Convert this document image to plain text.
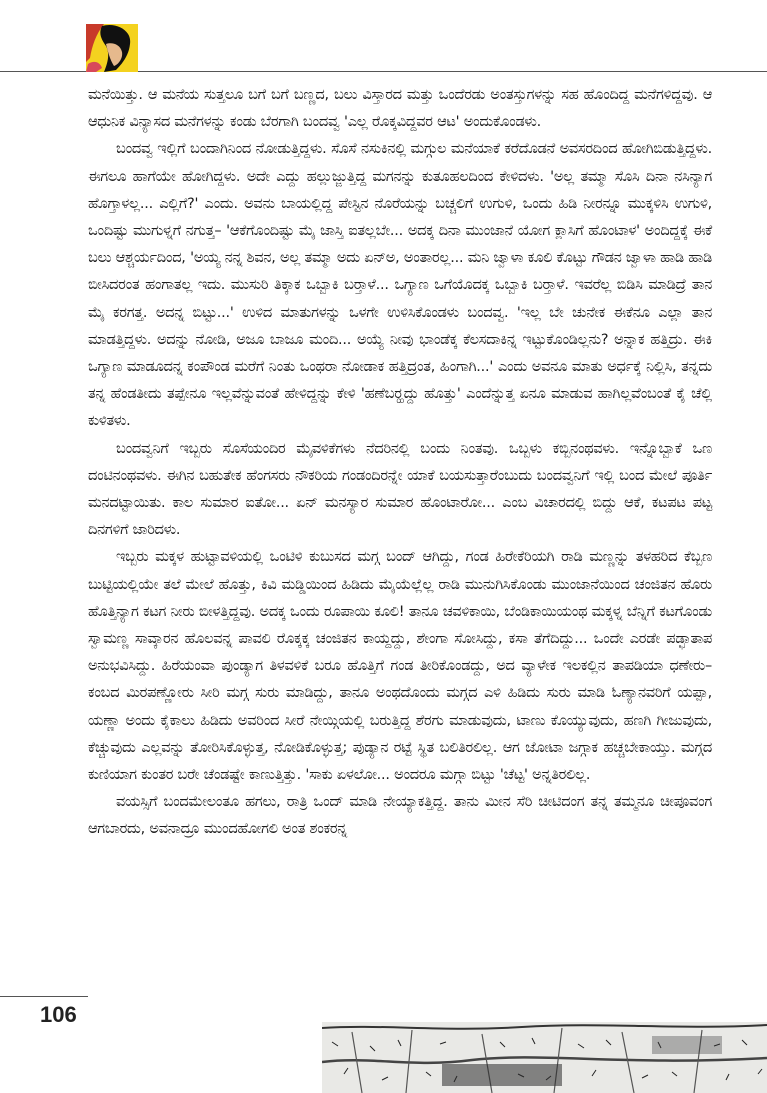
ಮನೆಯಿತ್ತು. ಆ ಮನೆಯ ಸುತ್ತಲೂ ಬಗೆ ಬಗೆ ಬಣ್ಣದ, ಬಲು ವಿಸ್ತಾರದ ಮತ್ತು ಒಂದೆರಡು ಅಂತಸ್ತುಗಳನ್ನು ಸಹ ಹೊಂದಿದ್ದ ಮನೆಗಳಿದ್ದವು. ಆ ಆಧುನಿಕ ವಿನ್ಯಾಸದ ಮನೆಗಳನ್ನು ಕಂಡು ಬೆರಗಾಗಿ ಬಂದವ್ವ 'ಎಲ್ಲ ರೊಕ್ಕವಿದ್ದವರ ಆಟ' ಅಂದುಕೊಂಡಳು.

ಬಂದವ್ವ ಇಲ್ಲಿಗೆ ಬಂದಾಗಿನಿಂದ ನೋಡುತ್ತಿದ್ದಳು. ಸೊಸೆ ನಸುಕಿನಲ್ಲಿ ಮಗ್ಗುಲ ಮನೆಯಾಕೆ ಕರೆದೊಡನೆ ಅವಸರದಿಂದ ಹೋಗಿಬಿಡುತ್ತಿದ್ದಳು. ಈಗಲೂ ಹಾಗೆಯೇ ಹೋಗಿದ್ದಳು. ಅದೇ ಎದ್ದು ಹಲ್ಲುಜ್ಜುತ್ತಿದ್ದ ಮಗನನ್ನು ಕುತೂಹಲದಿಂದ ಕೇಳಿದಳು. 'ಅಲ್ಲ ತಮ್ಮಾ ಸೊಸಿ ದಿನಾ ನಸಿನ್ಯಾಗ ಹೊಗ್ತಾಳಲ್ಲ... ಎಲ್ಲಿಗೆ?' ಎಂದು. ಅವನು ಬಾಯಲ್ಲಿದ್ದ ಪೇಸ್ಟಿನ ನೊರೆಯನ್ನು ಬಚ್ಚಲಿಗೆ ಉಗುಳಿ, ಒಂದು ಹಿಡಿ ನೀರನ್ನೂ ಮುಕ್ಕಳಿಸಿ ಉಗುಳಿ, ಒಂದಿಷ್ಟು ಮುಗುಳ್ನಗೆ ನಗುತ್ತ– 'ಆಕೆಗೊಂದಿಷ್ಟು ಮೈ ಜಾಸ್ತಿ ಐತಲ್ಲಬೇ... ಅದಕ್ಕ ದಿನಾ ಮುಂಜಾನೆ ಯೋಗ ಕ್ಲಾಸಿಗೆ ಹೊಂಟಾಳ' ಅಂದಿದ್ದಕ್ಕೆ ಈಕೆ ಬಲು ಆಶ್ಚರ್ಯದಿಂದ, 'ಅಯ್ಯ ನನ್ನ ಶಿವನ, ಅಲ್ಲ ತಮ್ಮಾ ಅದು ಏನ್ಅ, ಅಂತಾರಲ್ಲ... ಮನಿ ಜ್ವಾಳಾ ಕೂಲಿ ಕೊಟ್ಟು ಗೌಡನ ಜ್ವಾಳಾ ಹಾಡಿ ಹಾಡಿ ಬೀಸಿದರಂತ ಹಂಗಾತಲ್ಲ ಇದು. ಮುಸುರಿ ತಿಕ್ಕಾಕ ಒಬ್ಬಾಕಿ ಬರ್‍ತಾಳೆ... ಒಗ್ಯಾಣ ಒಗೆಯೊದಕ್ಕ ಒಬ್ಬಾಕಿ ಬರ್‍ತಾಳೆ. ಇವರೆಲ್ಲ ಬಿಡಿಸಿ ಮಾಡಿದ್ರೆ ತಾನ ಮೈ ಕರಗತ್ತ. ಅದನ್ನ ಬಿಟ್ಟು...' ಉಳಿದ ಮಾತುಗಳನ್ನು ಒಳಗೇ ಉಳಿಸಿಕೊಂಡಳು ಬಂದವ್ವ. 'ಇಲ್ಲ ಬೇ ಚುನೇಕ ಈಕೆನೂ ಎಲ್ಲಾ ತಾನ ಮಾಡತ್ತಿದ್ದಳು. ಅದನ್ನು ನೋಡಿ, ಅಜೂ ಬಾಜೂ ಮಂದಿ... ಅಯ್ಯೆ ನೀವು ಭಾಂಡೆಕ್ಕ ಕೆಲಸದಾಕಿನ್ನ ಇಟ್ಟುಕೊಂಡಿಲ್ಲನು? ಅನ್ನಾಕ ಹತ್ತಿದ್ರು. ಈಕಿ ಒಗ್ಯಾಣ ಮಾಡೂದನ್ನ ಕಂಪೌಂಡ ಮರೆಗೆ ನಿಂತು ಒಂಥರಾ ನೋಡಾಕ ಹತ್ತಿದ್ರಂತ, ಹಿಂಗಾಗಿ...' ಎಂದು ಅವನೂ ಮಾತು ಅರ್ಧಕ್ಕೆ ನಿಲ್ಲಿಸಿ, ತನ್ನದು ತನ್ನ ಹೆಂಡತೀದು ತಪ್ಪೇನೂ ಇಲ್ಲವೆನ್ನುವಂತೆ ಹೇಳಿದ್ದನ್ನು ಕೇಳಿ 'ಹಣೆಬರ್‍ಹದ್ದು ಹೊತ್ತು' ಎಂದೆನ್ನುತ್ತ ಏನೂ ಮಾಡುವ ಹಾಗಿಲ್ಲವೆಂಬಂತೆ ಕೈ ಚೆಲ್ಲಿ ಕುಳಿತಳು.

ಬಂದವ್ವನಿಗೆ ಇಬ್ಬರು ಸೊಸೆಯಂದಿರ ಮೈವಳಿಕೆಗಳು ನೆದರಿನಲ್ಲಿ ಬಂದು ನಿಂತವು. ಒಬ್ಬಳು ಕಬ್ಬಿನಂಥವಳು. ಇನ್ನೊಬ್ಬಾಕೆ ಒಣ ದಂಟಿನಂಥವಳು. ಈಗಿನ ಬಹುತೇಕ ಹೆಂಗಸರು ನೌಕರಿಯ ಗಂಡಂದಿರನ್ನೇ ಯಾಕೆ ಬಯಸುತ್ತಾರೆಂಬುದು ಬಂದವ್ವನಿಗೆ ಇಲ್ಲಿ ಬಂದ ಮೇಲೆ ಪೂರ್ತಿ ಮನದಟ್ಟಾಯಿತು. ಕಾಲ ಸುಮಾರ ಐತೋ... ಏನ್ ಮನಸ್ಯಾರ ಸುಮಾರ ಹೊಂಟಾರೋ... ಎಂಬ ವಿಚಾರದಲ್ಲಿ ಬಿದ್ದು ಆಕೆ, ಕಟಪಟ ಪಟ್ಟ ದಿನಗಳಿಗೆ ಜಾರಿದಳು.

ಇಬ್ಬರು ಮಕ್ಕಳ ಹುಟ್ಟಾವಳಿಯಲ್ಲಿ ಒಂಟಿಳಿ ಕುಬುಸದ ಮಗ್ಗ ಬಂದ್ ಆಗಿದ್ದು, ಗಂಡ ಹಿರೇಕೆರಿಯಗಿ ರಾಡಿ ಮಣ್ಣನ್ನು ತಳಹರಿದ ಕೆಬ್ಬಣ ಬುಟ್ಟಿಯಲ್ಲಿಯೇ ತಲೆ ಮೇಲೆ ಹೊತ್ತು, ಕಿವಿ ಮಡ್ಡಿಯಿಂದ ಹಿಡಿದು ಮೈಯೆಲ್ಲೆಲ್ಲ ರಾಡಿ ಮುನುಗಿಸಿಕೊಂಡು ಮುಂಜಾನೆಯಿಂದ ಚಂಜಿತನ ಹೊರು ಹೊತ್ತಿನ್ಯಾಗ ಕಟಗ ನೀರು ಬೀಳತ್ತಿದ್ದವು. ಅದಕ್ಕ ಒಂದು ರೂಪಾಯಿ ಕೂಲಿ! ತಾನೂ ಚವಳಿಕಾಯಿ, ಬೆಂಡಿಕಾಯಿಯಂಥ ಮಕ್ಕಳ್ನ ಬೆನ್ನಿಗೆ ಕಟಗೊಂಡು ಸ್ವಾಮಣ್ಣ ಸಾವ್ಕಾರನ ಹೊಲವನ್ನ ಪಾವಲಿ ರೊಕ್ಕಕ್ಕ ಚಂಜಿತನ ಕಾಯ್ದದ್ದು, ಶೇಂಗಾ ಸೋಸಿದ್ದು, ಕಸಾ ತೆಗೆದಿದ್ದು... ಒಂದೇ ಎರಡೇ ಪಡ್ಛಾತಾಪ ಅನುಭವಿಸಿದ್ದು. ಹಿರೆಯಂವಾ ಪುಂಡ್ಯಾಗ ತಿಳವಳಿಕೆ ಬರೂ ಹೊತ್ತಿಗೆ ಗಂಡ ತೀರಿಕೊಂಡದ್ದು, ಅದ ವ್ಯಾಳೇಕ ಇಲಕಲ್ಲಿನ ತಾಪಡಿಯಾ ಧಣೇರು– ಕಂಬದ ಮಿರಪಣ್ಣೋರು ಸೀರಿ ಮಗ್ಗ ಸುರು ಮಾಡಿದ್ದು, ತಾನೂ ಅಂಥದೊಂದು ಮಗ್ಗದ ಎಳಿ ಹಿಡಿದು ಸುರು ಮಾಡಿ ಓಣ್ಯಾನವರಿಗೆ ಯಪ್ಪಾ, ಯಣ್ಣಾ ಅಂದು ಕೈಕಾಲು ಹಿಡಿದು ಅವರಿಂದ ಸೀರೆ ನೇಯ್ಗಿಯಲ್ಲಿ ಬರುತ್ತಿದ್ದ ಶೆರಗು ಮಾಡುವುದು, ಟಾಣು ಕೊಯ್ಯುವುದು, ಹಣಗಿ ಗೀಜುವುದು, ಕೆಚ್ಚುವುದು ಎಲ್ಲವನ್ನು ತೋರಿಸಿಕೊಳ್ಳುತ್ತ, ನೋಡಿಕೊಳ್ಳುತ್ತ; ಪುಡ್ಯಾನ ರಟ್ಟೆ ಸ್ಥಿತ ಬಲಿತಿರಲಿಲ್ಲ. ಆಗ ಜೋಟಾ ಜಗ್ಗಾಕ ಹಚ್ಚಬೇಕಾಯ್ತು. ಮಗ್ಗದ ಕುಣಿಯಾಗ ಕುಂತರ ಬರೇ ಚೆಂಡಷ್ಟೇ ಕಾಣುತ್ತಿತ್ತು. 'ಸಾಕು ಏಳಲೋ... ಅಂದರೂ ಮಗ್ಗಾ ಬಿಟ್ಟು 'ಚೆಟ್ಟ' ಅನ್ನತಿರಲಿಲ್ಲ.

ವಯಸ್ಸಿಗೆ ಬಂದಮೇಲಂತೂ ಹಗಲು, ರಾತ್ರಿ ಒಂದ್ ಮಾಡಿ ನೇಯ್ಯಾಕತ್ತಿದ್ದ. ತಾನು ಮೀನ ಸೆರಿ ಚೀಟಿದಂಗ ತನ್ನ ತಮ್ಮನೂ ಚೀಪೂವಂಗ ಆಗಬಾರದು, ಅವನಾದ್ರೂ ಮುಂದಹೋಗಲಿ ಅಂತ ಶಂಕರನ್ನ

106
